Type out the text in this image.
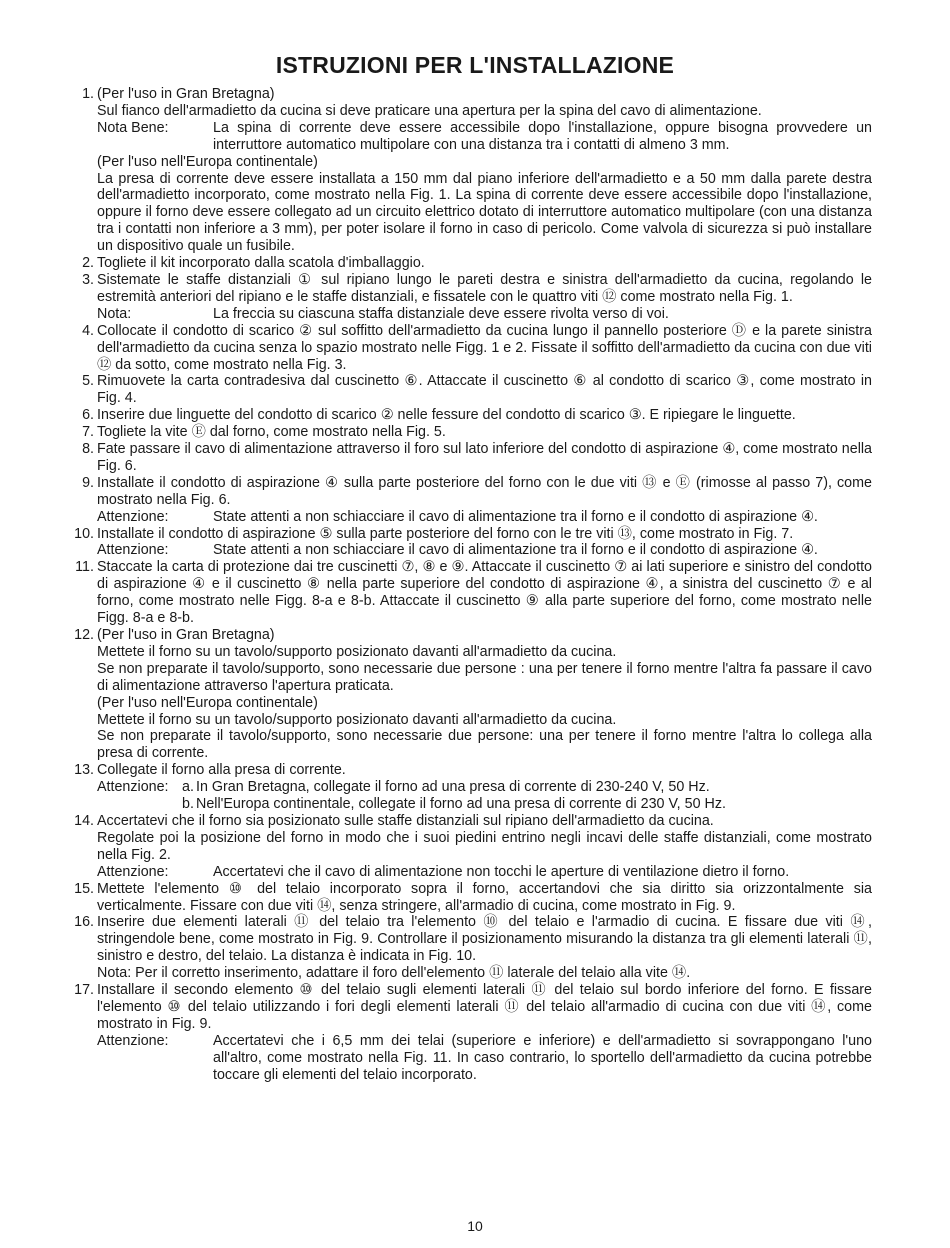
ISTRUZIONI PER L'INSTALLAZIONE
1. (Per l'uso in Gran Bretagna)
Sul fianco dell'armadietto da cucina si deve praticare una apertura per la spina del cavo di alimentazione.
Nota Bene:	La spina di corrente deve essere accessibile dopo l'installazione, oppure bisogna provvedere un interruttore automatico multipolare con una distanza tra i contatti di almeno 3 mm.
(Per l'uso nell'Europa continentale)
La presa di corrente deve essere installata a 150 mm dal piano inferiore dell'armadietto e a 50 mm dalla parete destra dell'armadietto incorporato, come mostrato nella Fig. 1. La spina di corrente deve essere accessibile dopo l'installazione, oppure il forno deve essere collegato ad un circuito elettrico dotato di interruttore automatico multipolare (con una distanza tra i contatti non inferiore a 3 mm), per poter isolare il forno in caso di pericolo. Come valvola di sicurezza si può installare un dispositivo quale un fusibile.
2. Togliete il kit incorporato dalla scatola d'imballaggio.
3. Sistemate le staffe distanziali ① sul ripiano lungo le pareti destra e sinistra dell'armadietto da cucina, regolando le estremità anteriori del ripiano e le staffe distanziali, e fissatele con le quattro viti ⑫ come mostrato nella Fig. 1.
Nota:	La freccia su ciascuna staffa distanziale deve essere rivolta verso di voi.
4. Collocate il condotto di scarico ② sul soffitto dell'armadietto da cucina lungo il pannello posteriore Ⓓ e la parete sinistra dell'armadietto da cucina senza lo spazio mostrato nelle Figg. 1 e 2. Fissate il soffitto dell'armadietto da cucina con due viti ⑫ da sotto, come mostrato nella Fig. 3.
5. Rimuovete la carta contradesiva dal cuscinetto ⑥. Attaccate il cuscinetto ⑥ al condotto di scarico ③, come mostrato in Fig. 4.
6. Inserire due linguette del condotto di scarico ② nelle fessure del condotto di scarico ③. E ripiegare le linguette.
7. Togliete la vite Ⓔ dal forno, come mostrato nella Fig. 5.
8. Fate passare il cavo di alimentazione attraverso il foro sul lato inferiore del condotto di aspirazione ④, come mostrato nella Fig. 6.
9. Installate il condotto di aspirazione ④ sulla parte posteriore del forno con le due viti ⑬ e Ⓔ (rimosse al passo 7), come mostrato nella Fig. 6.
Attenzione:	State attenti a non schiacciare il cavo di alimentazione tra il forno e il condotto di aspirazione ④.
10. Installate il condotto di aspirazione ⑤ sulla parte posteriore del forno con le tre viti ⑬, come mostrato in Fig. 7.
Attenzione:	State attenti a non schiacciare il cavo di alimentazione tra il forno e il condotto di aspirazione ④.
11. Staccate la carta di protezione dai tre cuscinetti ⑦, ⑧ e ⑨. Attaccate il cuscinetto ⑦ ai lati superiore e sinistro del condotto di aspirazione ④ e il cuscinetto ⑧ nella parte superiore del condotto di aspirazione ④, a sinistra del cuscinetto ⑦ e al forno, come mostrato nelle Figg. 8-a e 8-b. Attaccate il cuscinetto ⑨ alla parte superiore del forno, come mostrato nelle Figg. 8-a e 8-b.
12. (Per l'uso in Gran Bretagna)
Mettete il forno su un tavolo/supporto posizionato davanti all'armadietto da cucina.
Se non preparate il tavolo/supporto, sono necessarie due persone : una per tenere il forno mentre l'altra fa passare il cavo di alimentazione attraverso l'apertura praticata.
(Per l'uso nell'Europa continentale)
Mettete il forno su un tavolo/supporto posizionato davanti all'armadietto da cucina.
Se non preparate il tavolo/supporto, sono necessarie due persone: una per tenere il forno mentre l'altra lo collega alla presa di corrente.
13. Collegate il forno alla presa di corrente.
Attenzione: a. In Gran Bretagna, collegate il forno ad una presa di corrente di 230-240 V, 50 Hz.
b. Nell'Europa continentale, collegate il forno ad una presa di corrente di 230 V, 50 Hz.
14. Accertatevi che il forno sia posizionato sulle staffe distanziali sul ripiano dell'armadietto da cucina.
Regolate poi la posizione del forno in modo che i suoi piedini entrino negli incavi delle staffe distanziali, come mostrato nella Fig. 2.
Attenzione:	Accertatevi che il cavo di alimentazione non tocchi le aperture di ventilazione dietro il forno.
15. Mettete l'elemento ⑩ del telaio incorporato sopra il forno, accertandovi che sia diritto sia orizzontalmente sia verticalmente. Fissare con due viti ⑭, senza stringere, all'armadio di cucina, come mostrato in Fig. 9.
16. Inserire due elementi laterali ⑪ del telaio tra l'elemento ⑩ del telaio e l'armadio di cucina. E fissare due viti ⑭, stringendole bene, come mostrato in Fig. 9. Controllare il posizionamento misurando la distanza tra gli elementi laterali ⑪, sinistro e destro, del telaio. La distanza è indicata in Fig. 10.
Nota: Per il corretto inserimento, adattare il foro dell'elemento ⑪ laterale del telaio alla vite ⑭.
17. Installare il secondo elemento ⑩ del telaio sugli elementi laterali ⑪ del telaio sul bordo inferiore del forno. E fissare l'elemento ⑩ del telaio utilizzando i fori degli elementi laterali ⑪ del telaio all'armadio di cucina con due viti ⑭, come mostrato in Fig. 9.
Attenzione:	Accertatevi che i 6,5 mm dei telai (superiore e inferiore) e dell'armadietto si sovrappongano l'uno all'altro, come mostrato nella Fig. 11. In caso contrario, lo sportello dell'armadietto da cucina potrebbe toccare gli elementi del telaio incorporato.
10
